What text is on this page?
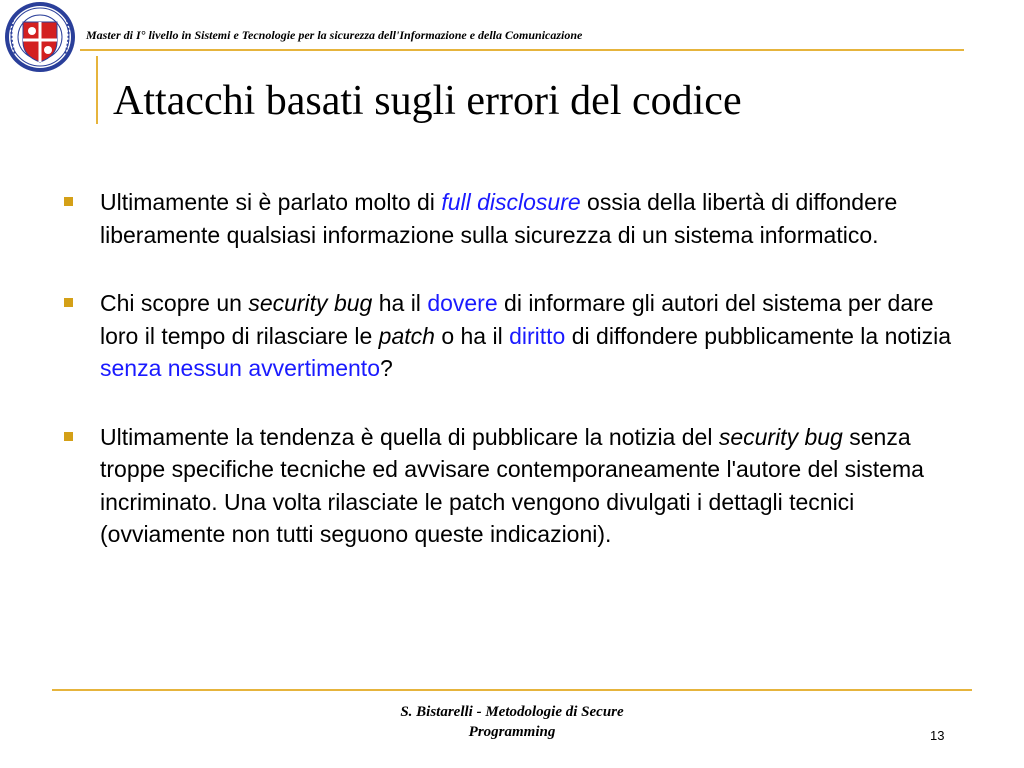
Master di I° livello in Sistemi e Tecnologie per la sicurezza dell'Informazione e della Comunicazione
Attacchi basati sugli errori del codice
Ultimamente si è parlato molto di full disclosure ossia della libertà di diffondere liberamente qualsiasi informazione sulla sicurezza di un sistema informatico.
Chi scopre un security bug ha il dovere di informare gli autori del sistema per dare loro il tempo di rilasciare le patch o ha il diritto di diffondere pubblicamente la notizia senza nessun avvertimento?
Ultimamente la tendenza è quella di pubblicare la notizia del security bug senza troppe specifiche tecniche ed avvisare contemporaneamente l'autore del sistema incriminato. Una volta rilasciate le patch vengono divulgati i dettagli tecnici (ovviamente non tutti seguono queste indicazioni).
S. Bistarelli - Metodologie di Secure
Programming	13
